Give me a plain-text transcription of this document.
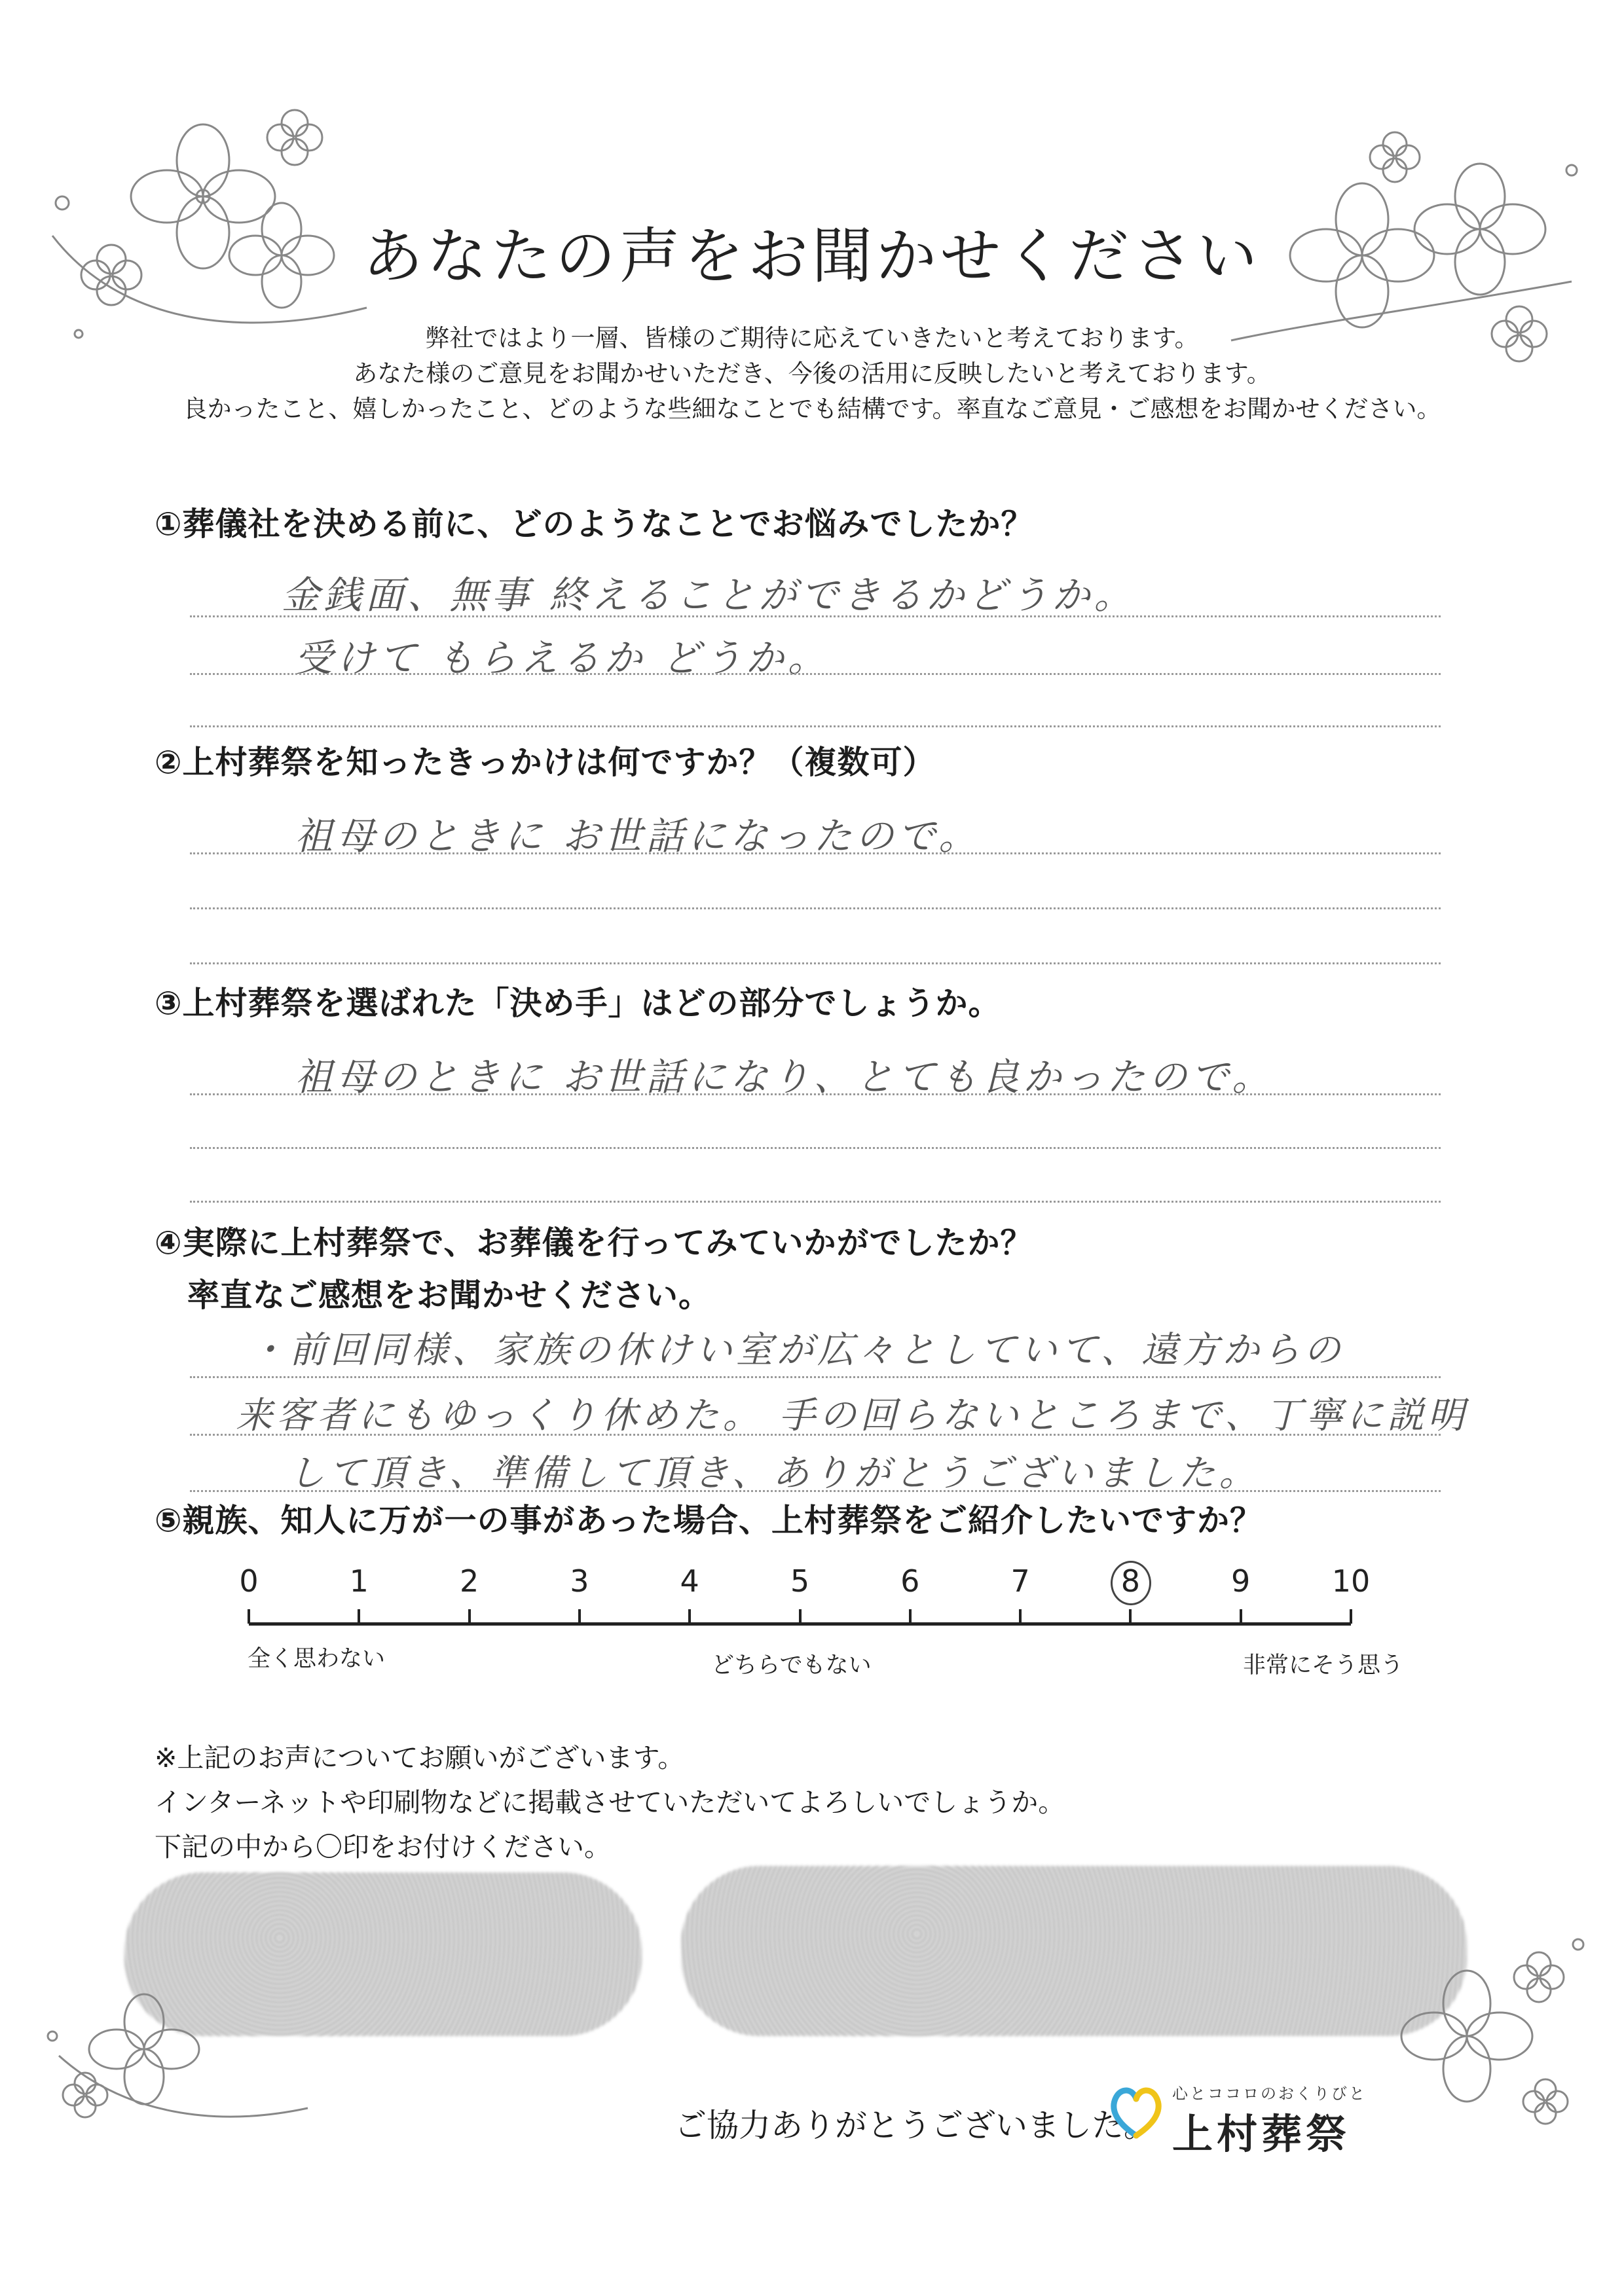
あなたの声をお聞かせください
弊社ではより一層、皆様のご期待に応えていきたいと考えております。
あなた様のご意見をお聞かせいただき、今後の活用に反映したいと考えております。
良かったこと、嬉しかったこと、どのような些細なことでも結構です。率直なご意見・ご感想をお聞かせください。
①葬儀社を決める前に、どのようなことでお悩みでしたか？
金銭面、無事 終えることができるかどうか。
受けて もらえるか どうか。
②上村葬祭を知ったきっかけは何ですか？（複数可）
祖母のときに お世話になったので。
③上村葬祭を選ばれた「決め手」はどの部分でしょうか。
祖母のときに お世話になり、とても良かったので。
④実際に上村葬祭で、お葬儀を行ってみていかがでしたか？
率直なご感想をお聞かせください。
・前回同様、家族の休けい室が広々としていて、遠方からの
来客者にもゆっくり休めた。 手の回らないところまで、丁寧に説明
して頂き、準備して頂き、ありがとうございました。
⑤親族、知人に万が一の事があった場合、上村葬祭をご紹介したいですか？
0	1	2	3	4	5	6	7	8	9	10
全く思わない	どちらでもない	非常にそう思う
※上記のお声についてお願いがございます。
インターネットや印刷物などに掲載させていただいてよろしいでしょうか。
下記の中から〇印をお付けください。
ご協力ありがとうございました。
心とココロのおくりびと
上村葬祭
